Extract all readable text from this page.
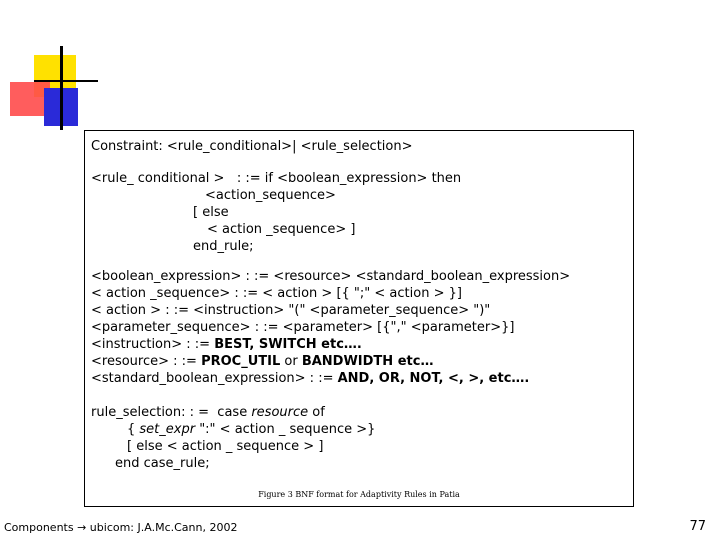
Constraint: <rule_conditional>| <rule_selection>
<rule_ conditional >   : := if <boolean_expression> then
<action_sequence>
[ else
< action _sequence> ]
end_rule;
<boolean_expression> : := <resource> <standard_boolean_expression>
< action _sequence> : := < action > [{ ";" < action > }]
< action > : := <instruction> "(" <parameter_sequence> ")"
<parameter_sequence> : := <parameter> [{"," <parameter>}]
<instruction> : := BEST, SWITCH etc….
<resource> : := PROC_UTIL or BANDWIDTH etc…
<standard_boolean_expression> : := AND, OR, NOT, <, >, etc….
rule_selection: : =  case resource of
{ set_expr ":" < action _ sequence >}
[ else < action _ sequence > ]
end case_rule;
Figure 3 BNF format for Adaptivity Rules in Patia
Components → ubicom: J.A.Mc.Cann, 2002	77
